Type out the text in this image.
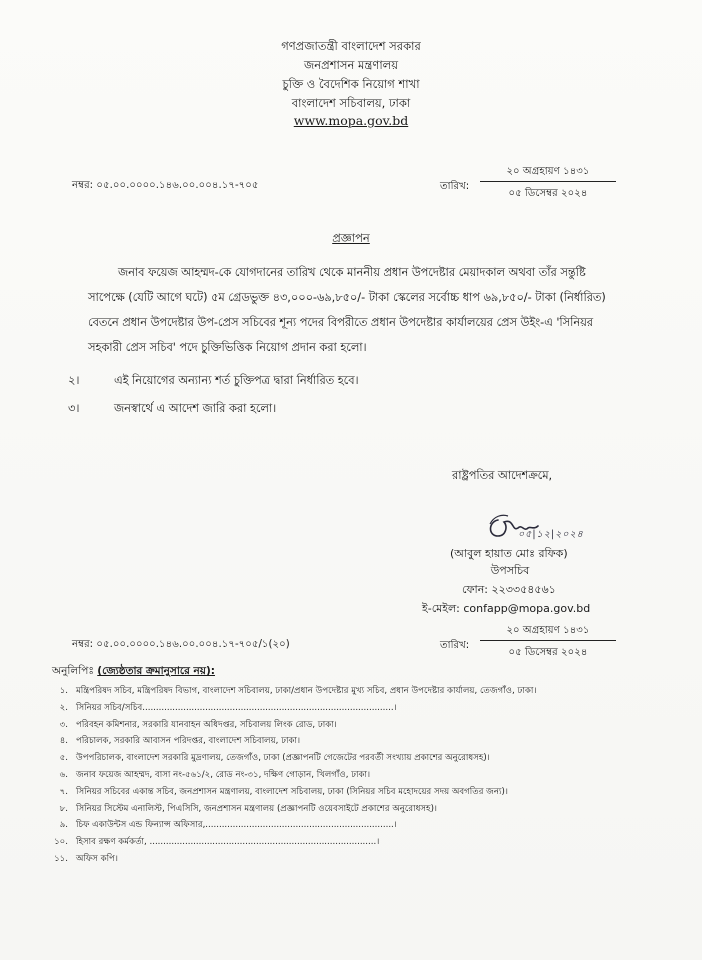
গণপ্রজাতন্ত্রী বাংলাদেশ সরকার
জনপ্রশাসন মন্ত্রণালয়
চুক্তি ও বৈদেশিক নিয়োগ শাখা
বাংলাদেশ সচিবালয়, ঢাকা
www.mopa.gov.bd
নম্বর: ০৫.০০.০০০০.১৪৬.০০.০০৪.১৭-৭০৫	তারিখ:
২০ অগ্রহায়ণ ১৪৩১
০৫ ডিসেম্বর ২০২৪
প্রজ্ঞাপন
জনাব ফয়েজ আহম্মদ-কে যোগদানের তারিখ থেকে মাননীয় প্রধান উপদেষ্টার মেয়াদকাল অথবা তাঁর সন্তুষ্টি
সাপেক্ষে (যেটি আগে ঘটে) ৫ম গ্রেডভুক্ত ৪৩,০০০-৬৯,৮৫০/- টাকা স্কেলের সর্বোচ্চ ধাপ ৬৯,৮৫০/- টাকা (নির্ধারিত)
বেতনে প্রধান উপদেষ্টার উপ-প্রেস সচিবের শূন্য পদের বিপরীতে প্রধান উপদেষ্টার কার্যালয়ের প্রেস উইং-এ 'সিনিয়র
সহকারী প্রেস সচিব' পদে চুক্তিভিত্তিক নিয়োগ প্রদান করা হলো।
২।	এই নিয়োগের অন্যান্য শর্ত চুক্তিপত্র দ্বারা নির্ধারিত হবে।
৩।	জনস্বার্থে এ আদেশ জারি করা হলো।
রাষ্ট্রপতির আদেশক্রমে,
০৫|১২|২০২৪
(আবুল হায়াত মোঃ রফিক)
উপসচিব
ফোন: ২২৩৩৫৪৫৬১
ই-মেইল: confapp@mopa.gov.bd
নম্বর: ০৫.০০.০০০০.১৪৬.০০.০০৪.১৭-৭০৫/১(২০)	তারিখ:
২০ অগ্রহায়ণ ১৪৩১
০৫ ডিসেম্বর ২০২৪
অনুলিপিঃ (জ্যেষ্ঠতার ক্রমানুসারে নয়):
১. মন্ত্রিপরিষদ সচিব, মন্ত্রিপরিষদ বিভাগ, বাংলাদেশ সচিবালয়, ঢাকা/প্রধান উপদেষ্টার মুখ্য সচিব, প্রধান উপদেষ্টার কার্যালয়, তেজগাঁও, ঢাকা।
২. সিনিয়র সচিব/সচিব............................................................................................।
৩. পরিবহন কমিশনার, সরকারি যানবাহন অধিদপ্তর, সচিবালয় লিংক রোড, ঢাকা।
৪. পরিচালক, সরকারি আবাসন পরিদপ্তর, বাংলাদেশ সচিবালয়, ঢাকা।
৫. উপপরিচালক, বাংলাদেশ সরকারি মুদ্রণালয়, তেজগাঁও, ঢাকা (প্রজ্ঞাপনটি গেজেটের পরবর্তী সংখ্যায় প্রকাশের অনুরোধসহ)।
৬. জনাব ফয়েজ আহম্মদ, বাসা নং-৫৬১/২, রোড নং-৩১, দক্ষিণ গোড়ান, খিলগাঁও, ঢাকা।
৭. সিনিয়র সচিবের একান্ত সচিব, জনপ্রশাসন মন্ত্রণালয়, বাংলাদেশ সচিবালয়, ঢাকা (সিনিয়র সচিব মহোদয়ের সদয় অবগতির জন্য)।
৮. সিনিয়র সিস্টেম এনালিস্ট, পিএসিসি, জনপ্রশাসন মন্ত্রণালয় (প্রজ্ঞাপনটি ওয়েবসাইটে প্রকাশের অনুরোধসহ)।
৯. চিফ একাউন্টস এন্ড ফিন্যান্স অফিসার,.....................................................................।
১০. হিসাব রক্ষণ কর্মকর্তা, ...................................................................................।
১১. অফিস কপি।
